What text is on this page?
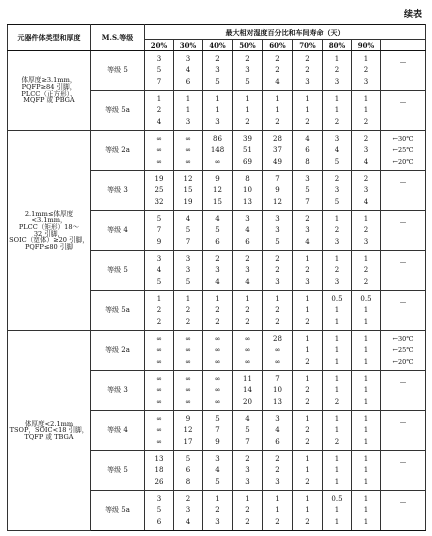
续表
元器件体类型和厚度	M.S.等级	最大相对湿度百分比和车间寿命（天）								
		20%	30%	40%	50%	60%	70%	80%	90%	

体厚度≥3.1mm，
PQFP≥84 引脚，
PLCC（正方形）、
MQFP 或 PBGA	等级 5	3
5
7	3
4
6	2
3
5	2
3
5	2
2
4	2
2
3	1
2
3	1
2
3	—

	等级 5a	1
2
4	1
1
3	1
1
3	1
1
2	1
1
2	1
1
2	1
1
2	1
1
2	—

2.1mm≤体厚度<3.1mm，
PLCC（矩形）18～
32 引脚，
SOIC（宽体）≥20 引脚，
PQFP≤80 引脚	等级 2a	∞
∞
∞	∞
∞
∞	86
148
∞	39
51
69	28
37
49	4
6
8	3
4
5	2
3
4	←30℃
←25℃
←20℃

	等级 3	19
25
32	12
15
19	9
12
15	8
10
13	7
9
12	3
5
7	2
3
5	2
3
4	—

	等级 4	5
7
9	4
5
7	4
5
6	3
4
6	3
3
5	2
3
4	1
2
3	1
2
3	—

	等级 5	3
4
5	3
3
5	2
3
4	2
3
4	2
2
3	1
2
3	1
2
3	1
2
2	—

	等级 5a	1
2
2	1
2
2	1
2
2	1
2
2	1
2
2	1
1
2	0.5
1
1	0.5
1
1	—

体厚度<2.1mm
TSOP，SOIC<18 引脚，
TQFP 或 TBGA	等级 2a	∞
∞
∞	∞
∞
∞	∞
∞
∞	∞
∞
∞	28
∞
∞	1
1
2	1
1
1	1
1
1	←30℃
←25℃
←20℃

	等级 3	∞
∞
∞	∞
∞
∞	∞
∞
∞	11
14
20	7
10
13	1
2
2	1
1
2	1
1
1	—

	等级 4	∞
∞
∞	9
12
17	5
7
9	4
5
7	3
4
6	1
2
2	1
1
2	1
1
1	—

	等级 5	13
18
26	5
6
8	3
4
5	2
3
3	2
2
3	1
1
2	1
1
1	1
1
1	—

	等级 5a	3
5
6	2
3
4	1
2
3	1
2
2	1
1
2	1
1
2	0.5
1
1	1
1
1	—
